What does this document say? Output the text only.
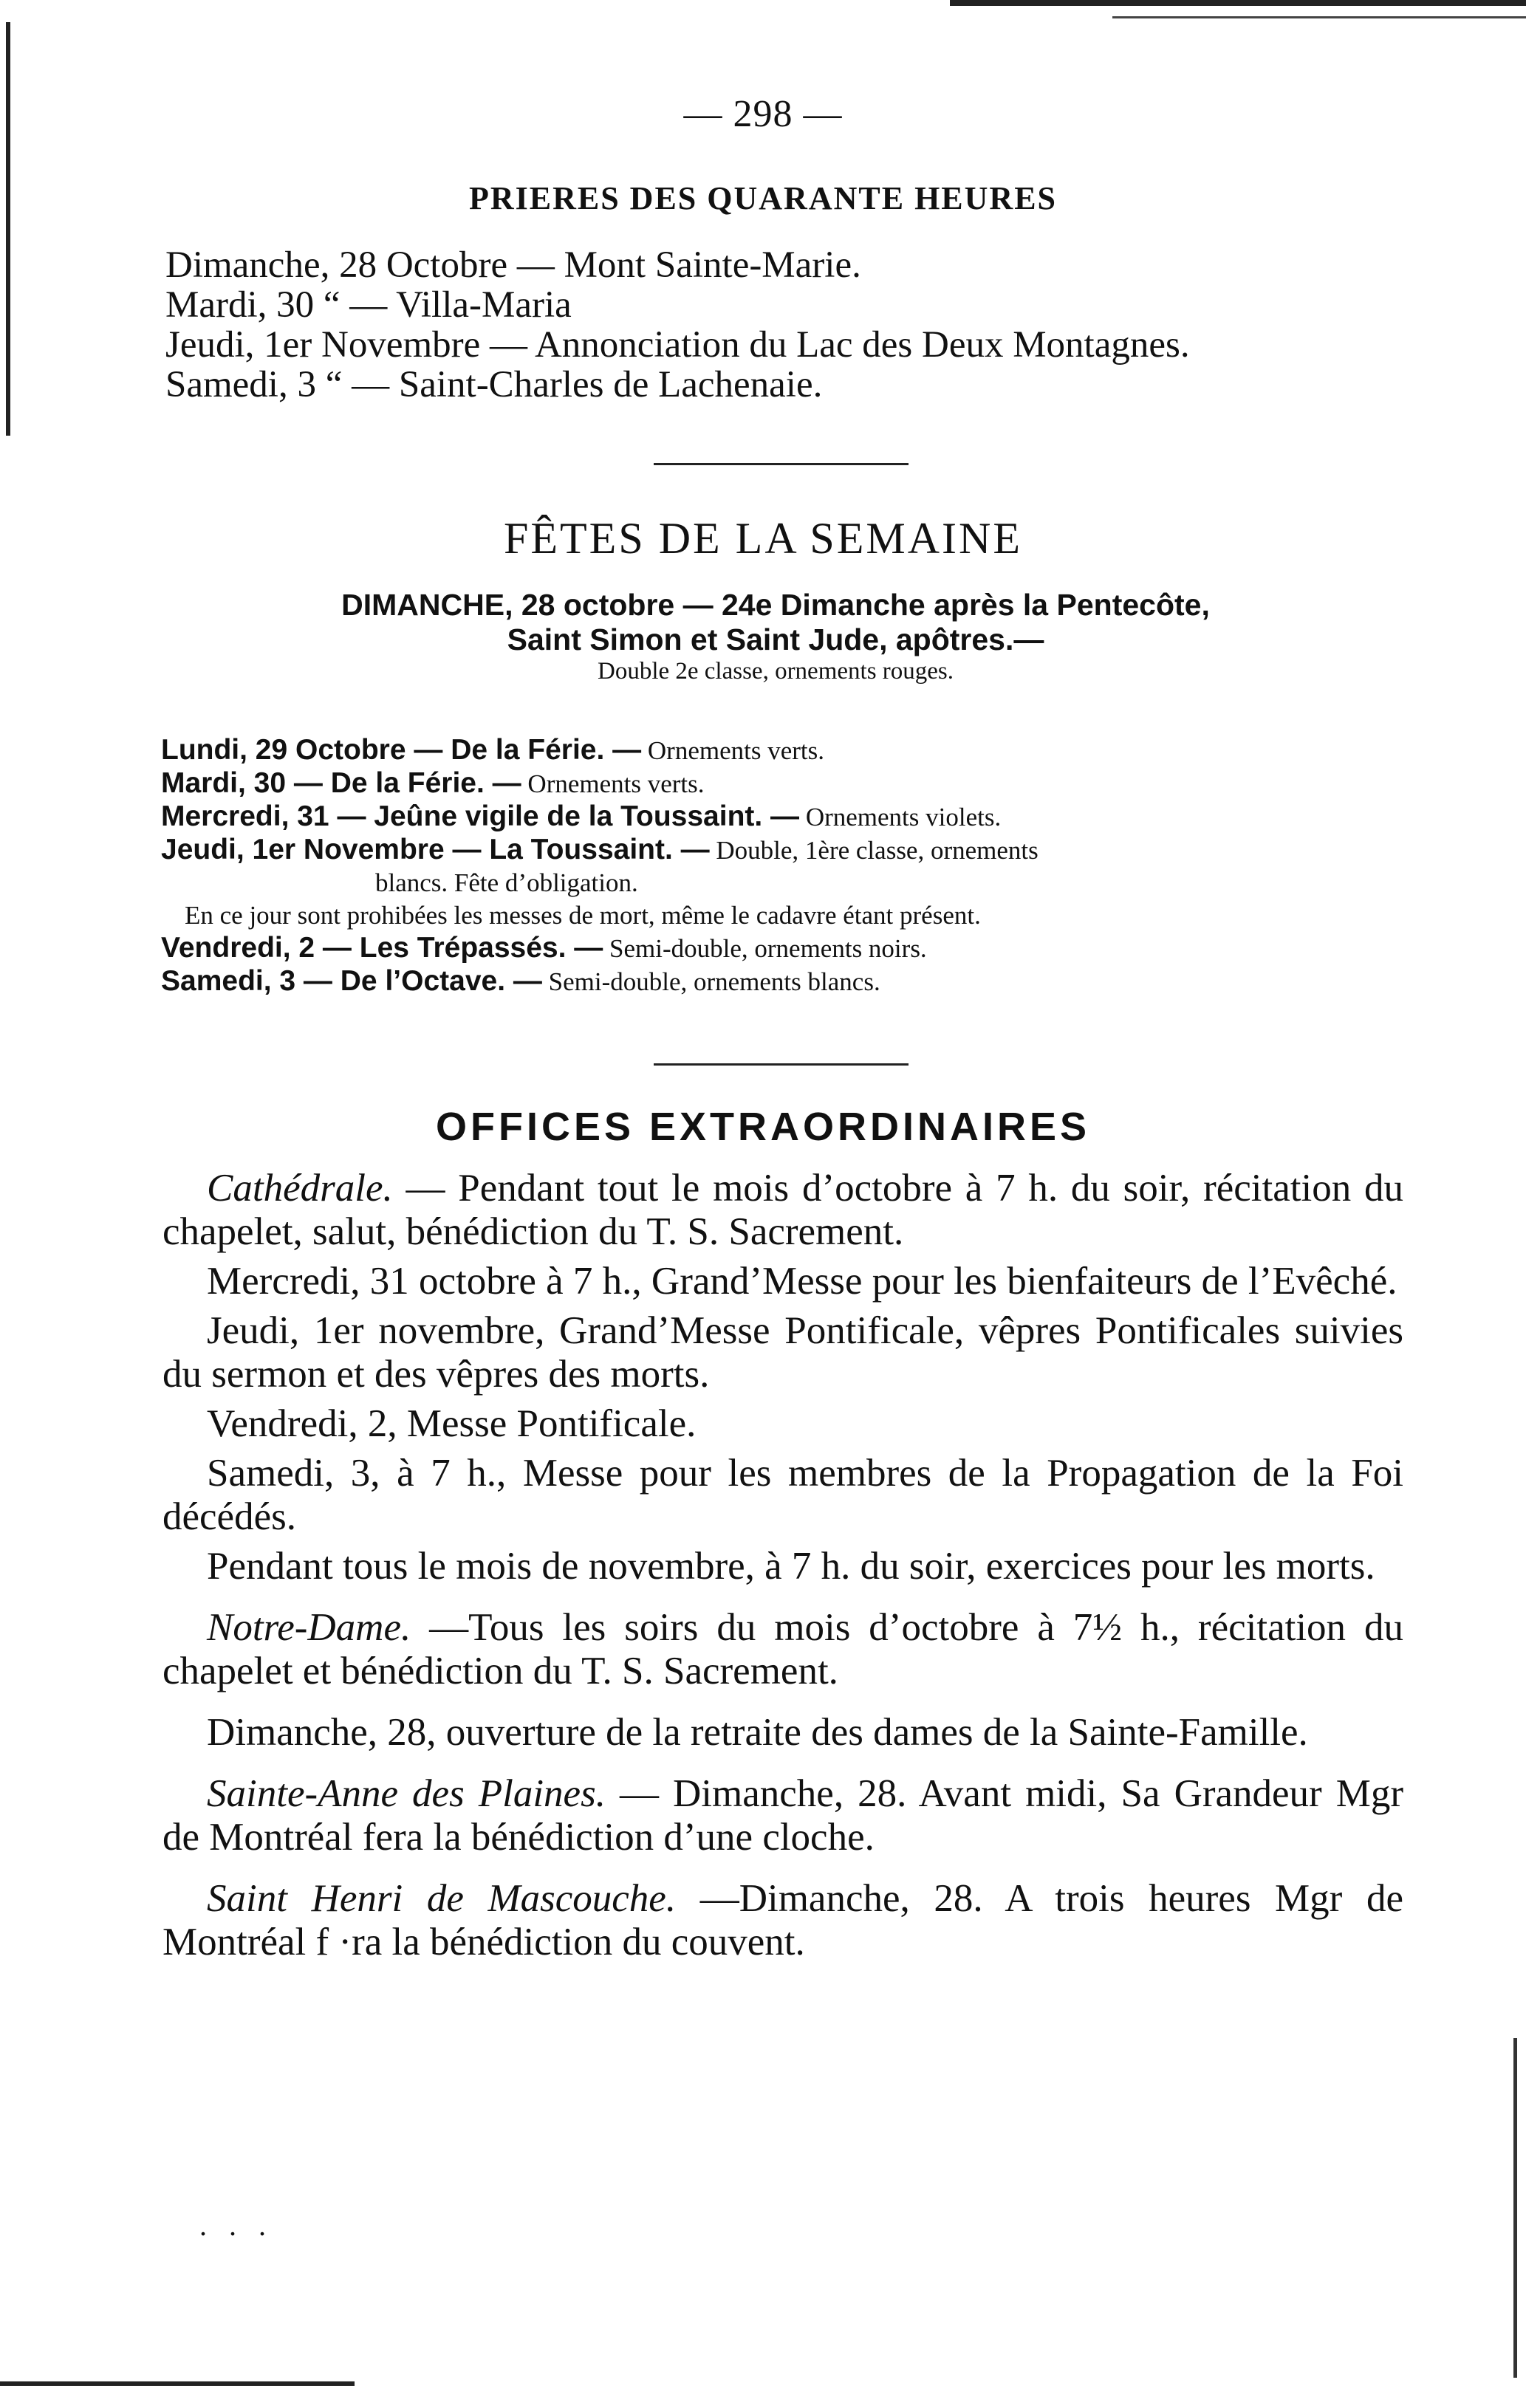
— 298 —
PRIERES DES QUARANTE HEURES
Dimanche, 28 Octobre — Mont Sainte-Marie.
Mardi, 30 “ — Villa-Maria
Jeudi, 1er Novembre — Annonciation du Lac des Deux Montagnes.
Samedi, 3 “ — Saint-Charles de Lachenaie.
FÊTES DE LA SEMAINE
DIMANCHE, 28 octobre — 24e Dimanche après la Pentecôte,
Saint Simon et Saint Jude, apôtres.—
Double 2e classe, ornements rouges.
Lundi, 29 Octobre — De la Férie. — Ornements verts.
Mardi, 30 — De la Férie. — Ornements verts.
Mercredi, 31 — Jeûne vigile de la Toussaint. — Ornements violets.
Jeudi, 1er Novembre — La Toussaint. — Double, 1ère classe, ornements
blancs. Fête d’obligation.
En ce jour sont prohibées les messes de mort, même le cadavre étant présent.
Vendredi, 2 — Les Trépassés. — Semi-double, ornements noirs.
Samedi, 3 — De l’Octave. — Semi-double, ornements blancs.
OFFICES EXTRAORDINAIRES

Cathédrale. — Pendant tout le mois d’octobre à 7 h. du soir, récitation du chapelet, salut, bénédiction du T. S. Sacrement.

Mercredi, 31 octobre à 7 h., Grand’Messe pour les bienfaiteurs de l’Evêché.

Jeudi, 1er novembre, Grand’Messe Pontificale, vêpres Pontificales suivies du sermon et des vêpres des morts.

Vendredi, 2, Messe Pontificale.

Samedi, 3, à 7 h., Messe pour les membres de la Propagation de la Foi décédés.

Pendant tous le mois de novembre, à 7 h. du soir, exercices pour les morts.

Notre-Dame. —Tous les soirs du mois d’octobre à 7½ h., récitation du chapelet et bénédiction du T. S. Sacrement.

Dimanche, 28, ouverture de la retraite des dames de la Sainte-Famille.

Sainte-Anne des Plaines. — Dimanche, 28. Avant midi, Sa Grandeur Mgr de Montréal fera la bénédiction d’une cloche.

Saint Henri de Mascouche. —Dimanche, 28. A trois heures Mgr de Montréal f ·ra la bénédiction du couvent.

. . .
